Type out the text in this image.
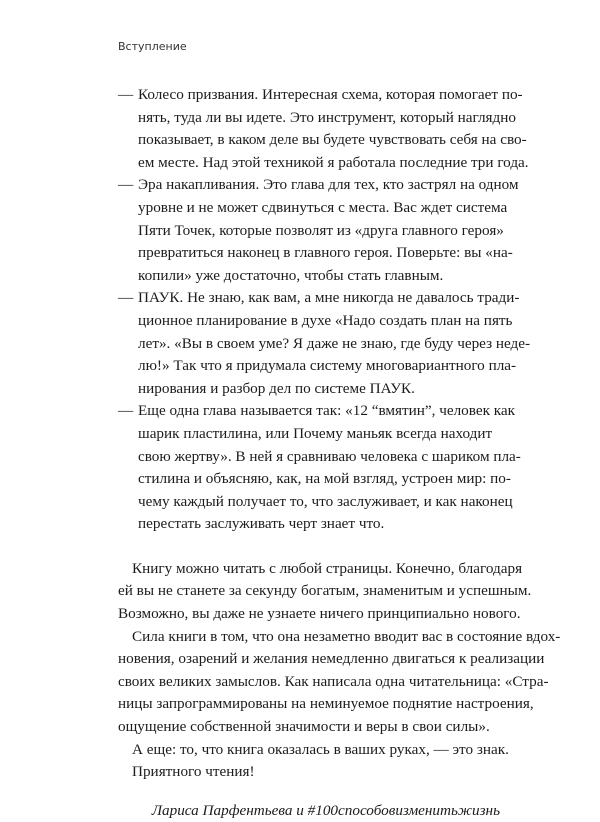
Вступление
— Колесо призвания. Интересная схема, которая помогает по-
нять, туда ли вы идете. Это инструмент, который наглядно
показывает, в каком деле вы будете чувствовать себя на сво-
ем месте. Над этой техникой я работала последние три года.
— Эра накапливания. Это глава для тех, кто застрял на одном
уровне и не может сдвинуться с места. Вас ждет система
Пяти Точек, которые позволят из «друга главного героя»
превратиться наконец в главного героя. Поверьте: вы «на-
копили» уже достаточно, чтобы стать главным.
— ПАУК. Не знаю, как вам, а мне никогда не давалось тради-
ционное планирование в духе «Надо создать план на пять
лет». «Вы в своем уме? Я даже не знаю, где буду через неде-
лю!» Так что я придумала систему многовариантного пла-
нирования и разбор дел по системе ПАУК.
— Еще одна глава называется так: «12 “вмятин”, человек как
шарик пластилина, или Почему маньяк всегда находит
свою жертву». В ней я сравниваю человека с шариком пла-
стилина и объясняю, как, на мой взгляд, устроен мир: по-
чему каждый получает то, что заслуживает, и как наконец
перестать заслуживать черт знает что.
Книгу можно читать с любой страницы. Конечно, благодаря
ей вы не станете за секунду богатым, знаменитым и успешным.
Возможно, вы даже не узнаете ничего принципиально нового.
Сила книги в том, что она незаметно вводит вас в состояние вдох-
новения, озарений и желания немедленно двигаться к реализации
своих великих замыслов. Как написала одна читательница: «Стра-
ницы запрограммированы на неминуемое поднятие настроения,
ощущение собственной значимости и веры в свои силы».
А еще: то, что книга оказалась в ваших руках, — это знак.
Приятного чтения!
Лариса Парфентьева и #100способовизменитьжизнь
